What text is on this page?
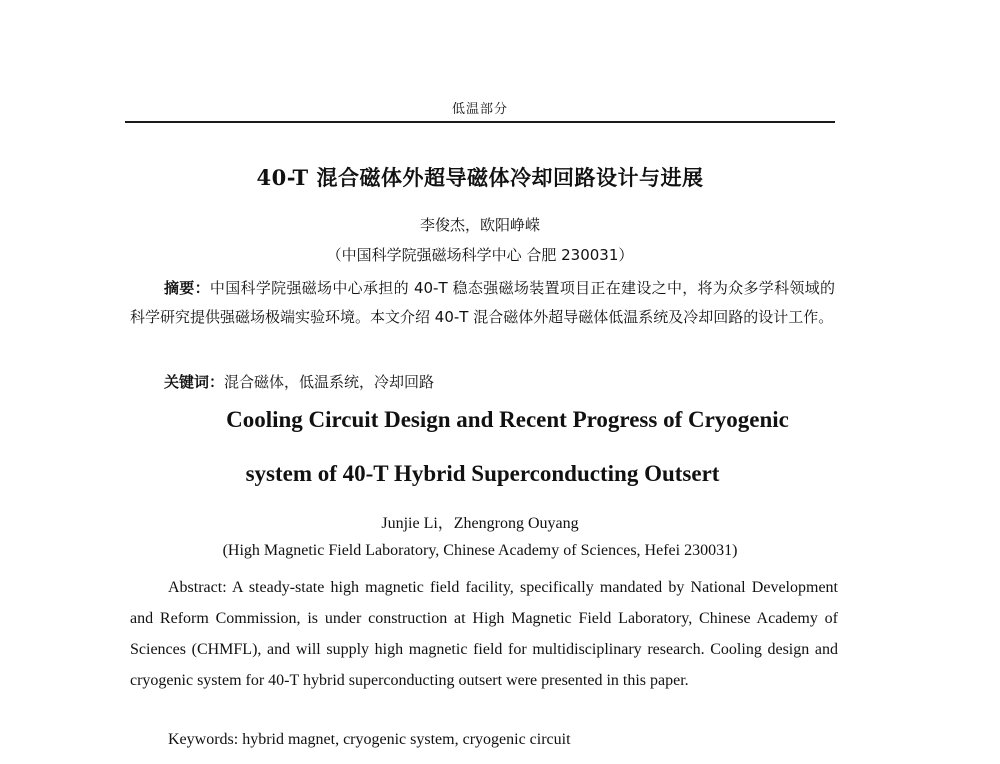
低温部分
40-T 混合磁体外超导磁体冷却回路设计与进展
李俊杰，欧阳峥嵘
（中国科学院强磁场科学中心 合肥 230031）

摘要：中国科学院强磁场中心承担的 40-T 稳态强磁场装置项目正在建设之中，将为众多学科领域的科学研究提供强磁场极端实验环境。本文介绍 40-T 混合磁体外超导磁体低温系统及冷却回路的设计工作。

关键词：混合磁体，低温系统，冷却回路
Cooling Circuit Design and Recent Progress of Cryogenic
system of 40-T Hybrid Superconducting Outsert
Junjie Li，Zhengrong Ouyang
(High Magnetic Field Laboratory, Chinese Academy of Sciences, Hefei 230031)

Abstract: A steady-state high magnetic field facility, specifically mandated by National Development and Reform Commission, is under construction at High Magnetic Field Laboratory, Chinese Academy of Sciences (CHMFL), and will supply high magnetic field for multidisciplinary research. Cooling design and cryogenic system for 40-T hybrid superconducting outsert were presented in this paper.

Keywords: hybrid magnet, cryogenic system, cryogenic circuit
